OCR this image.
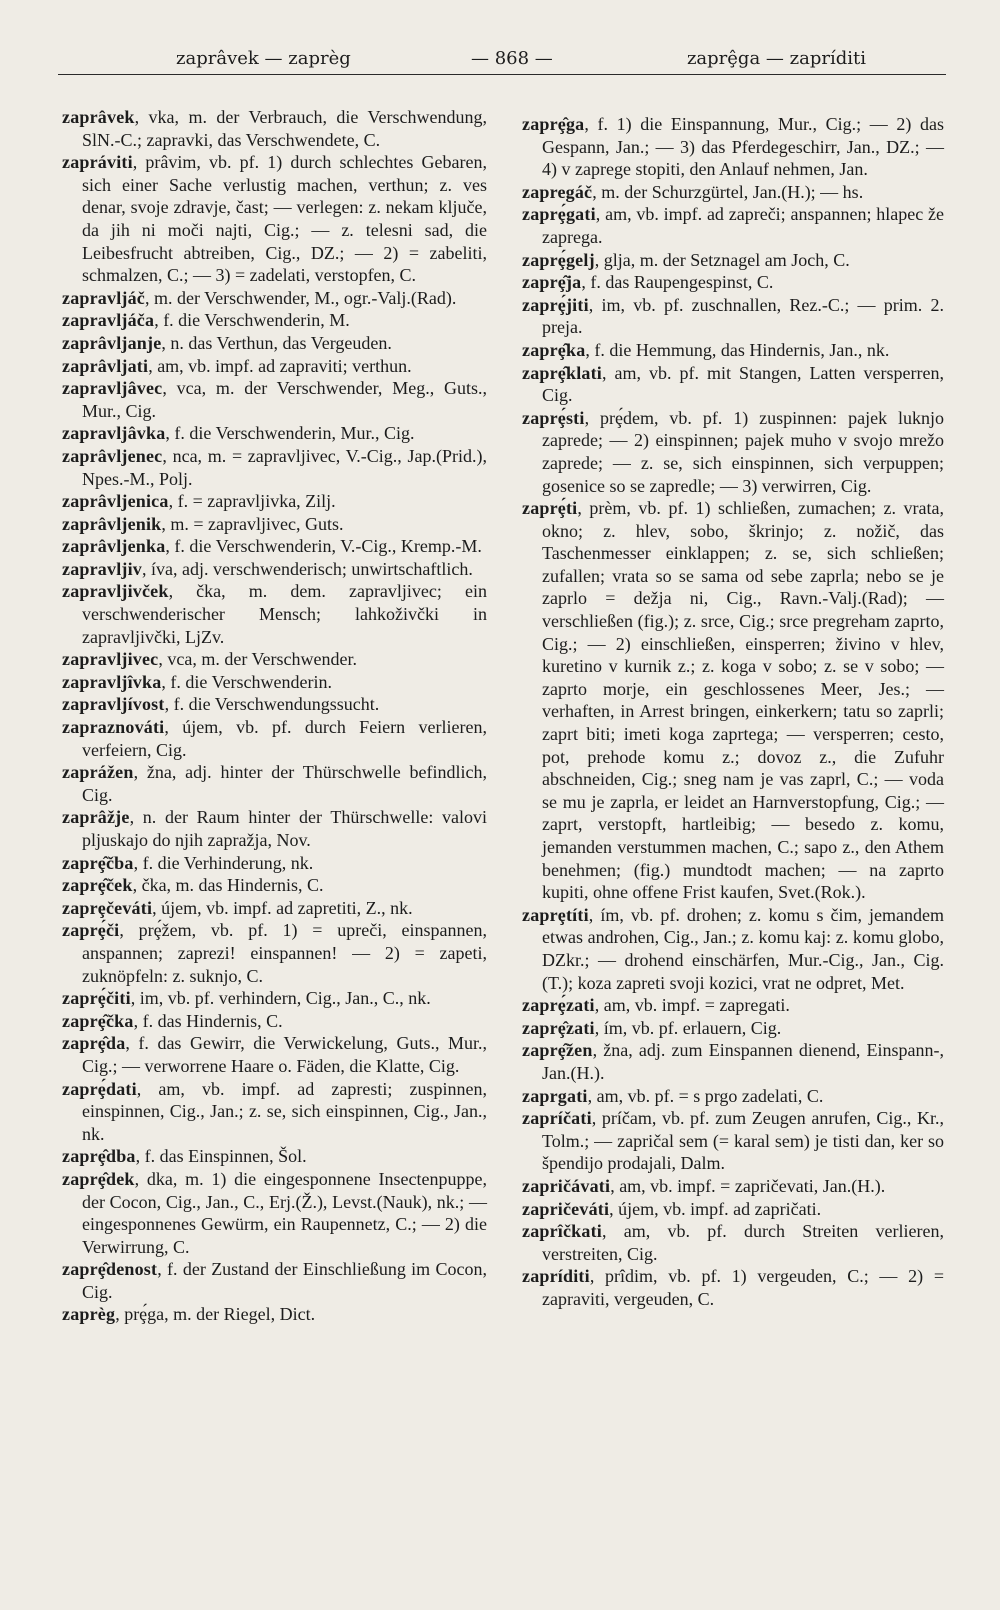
zaprâvek — zaprèg	— 868 —	zaprȩ̂ga — zapríditi

zaprâvek, vka, m. der Verbrauch, die Verschwendung, SlN.-C.; zapravki, das Verschwendete, C.

zapráviti, prâvim, vb. pf. 1) durch schlechtes Gebaren, sich einer Sache verlustig machen, verthun; z. ves denar, svoje zdravje, čast; — verlegen: z. nekam ključe, da jih ni moči najti, Cig.; — z. telesni sad, die Leibesfrucht abtreiben, Cig., DZ.; — 2) = zabeliti, schmalzen, C.; — 3) = zadelati, verstopfen, C.

zapravljáč, m. der Verschwender, M., ogr.-Valj.(Rad).

zapravljáča, f. die Verschwenderin, M.

zaprâvljanje, n. das Verthun, das Vergeuden.

zaprâvljati, am, vb. impf. ad zapraviti; verthun.

zapravljâvec, vca, m. der Verschwender, Meg., Guts., Mur., Cig.

zapravljâvka, f. die Verschwenderin, Mur., Cig.

zaprâvljenec, nca, m. = zapravljivec, V.-Cig., Jap.(Prid.), Npes.-M., Polj.

zaprâvljenica, f. = zapravljivka, Zilj.

zaprâvljenik, m. = zapravljivec, Guts.

zaprâvljenka, f. die Verschwenderin, V.-Cig., Kremp.-M.

zapravljiv, íva, adj. verschwenderisch; unwirtschaftlich.

zapravljivček, čka, m. dem. zapravljivec; ein verschwenderischer Mensch; lahkoživčki in zapravljivčki, LjZv.

zapravljivec, vca, m. der Verschwender.

zapravljîvka, f. die Verschwenderin.

zapravljívost, f. die Verschwendungssucht.

zapraznováti, újem, vb. pf. durch Feiern verlieren, verfeiern, Cig.

zaprážen, žna, adj. hinter der Thürschwelle befindlich, Cig.

zaprâžje, n. der Raum hinter der Thürschwelle: valovi pljuskajo do njih zapražja, Nov.

zaprȩ̂čba, f. die Verhinderung, nk.

zaprȩ̂ček, čka, m. das Hindernis, C.

zaprȩčeváti, újem, vb. impf. ad zapretiti, Z., nk.

zaprȩ́či, prȩ́žem, vb. pf. 1) = upreči, einspannen, anspannen; zaprezi! einspannen! — 2) = zapeti, zuknöpfeln: z. suknjo, C.

zaprȩ́čiti, im, vb. pf. verhindern, Cig., Jan., C., nk.

zaprȩ̂čka, f. das Hindernis, C.

zaprȩ̂da, f. das Gewirr, die Verwickelung, Guts., Mur., Cig.; — verworrene Haare o. Fäden, die Klatte, Cig.

zaprȩ́dati, am, vb. impf. ad zapresti; zuspinnen, einspinnen, Cig., Jan.; z. se, sich einspinnen, Cig., Jan., nk.

zaprȩ̂dba, f. das Einspinnen, Šol.

zaprȩ̂dek, dka, m. 1) die eingesponnene Insectenpuppe, der Cocon, Cig., Jan., C., Erj.(Ž.), Levst.(Nauk), nk.; — eingesponnenes Gewürm, ein Raupennetz, C.; — 2) die Verwirrung, C.

zaprȩ̂denost, f. der Zustand der Einschließung im Cocon, Cig.

zaprèg, prȩ́ga, m. der Riegel, Dict.

zaprȩ̂ga, f. 1) die Einspannung, Mur., Cig.; — 2) das Gespann, Jan.; — 3) das Pferdegeschirr, Jan., DZ.; — 4) v zaprege stopiti, den Anlauf nehmen, Jan.

zapregáč, m. der Schurzgürtel, Jan.(H.); — hs.

zaprȩ́gati, am, vb. impf. ad zapreči; anspannen; hlapec že zaprega.

zaprȩ́gelj, glja, m. der Setznagel am Joch, C.

zaprȩ̂ja, f. das Raupengespinst, C.

zaprȩ́jiti, im, vb. pf. zuschnallen, Rez.-C.; — prim. 2. preja.

zaprȩ̂ka, f. die Hemmung, das Hindernis, Jan., nk.

zaprȩ̂klati, am, vb. pf. mit Stangen, Latten versperren, Cig.

zaprȩ́sti, prȩ́dem, vb. pf. 1) zuspinnen: pajek luknjo zaprede; — 2) einspinnen; pajek muho v svojo mrežo zaprede; — z. se, sich einspinnen, sich verpuppen; gosenice so se zapredle; — 3) verwirren, Cig.

zaprȩ́ti, prèm, vb. pf. 1) schließen, zumachen; z. vrata, okno; z. hlev, sobo, škrinjo; z. nožič, das Taschenmesser einklappen; z. se, sich schließen; zufallen; vrata so se sama od sebe zaprla; nebo se je zaprlo = dežja ni, Cig., Ravn.-Valj.(Rad); — verschließen (fig.); z. srce, Cig.; srce pregreham zaprto, Cig.; — 2) einschließen, einsperren; živino v hlev, kuretino v kurnik z.; z. koga v sobo; z. se v sobo; — zaprto morje, ein geschlossenes Meer, Jes.; — verhaften, in Arrest bringen, einkerkern; tatu so zaprli; zaprt biti; imeti koga zaprtega; — versperren; cesto, pot, prehode komu z.; dovoz z., die Zufuhr abschneiden, Cig.; sneg nam je vas zaprl, C.; — voda se mu je zaprla, er leidet an Harnverstopfung, Cig.; — zaprt, verstopft, hartleibig; — besedo z. komu, jemanden verstummen machen, C.; sapo z., den Athem benehmen; (fig.) mundtodt machen; — na zaprto kupiti, ohne offene Frist kaufen, Svet.(Rok.).

zaprȩtíti, ím, vb. pf. drohen; z. komu s čim, jemandem etwas androhen, Cig., Jan.; z. komu kaj: z. komu globo, DZkr.; — drohend einschärfen, Mur.-Cig., Jan., Cig.(T.); koza zapreti svoji kozici, vrat ne odpret, Met.

zaprȩ́zati, am, vb. impf. = zapregati.

zaprȩ̂zati, ím, vb. pf. erlauern, Cig.

zaprȩ̂žen, žna, adj. zum Einspannen dienend, Einspann-, Jan.(H.).

zaprgati, am, vb. pf. = s prgo zadelati, C.

zapríčati, príčam, vb. pf. zum Zeugen anrufen, Cig., Kr., Tolm.; — zapričal sem (= karal sem) je tisti dan, ker so špendijo prodajali, Dalm.

zapričávati, am, vb. impf. = zapričevati, Jan.(H.).

zapričeváti, újem, vb. impf. ad zapričati.

zaprîčkati, am, vb. pf. durch Streiten verlieren, verstreiten, Cig.

zapríditi, prîdim, vb. pf. 1) vergeuden, C.; — 2) = zapraviti, vergeuden, C.
